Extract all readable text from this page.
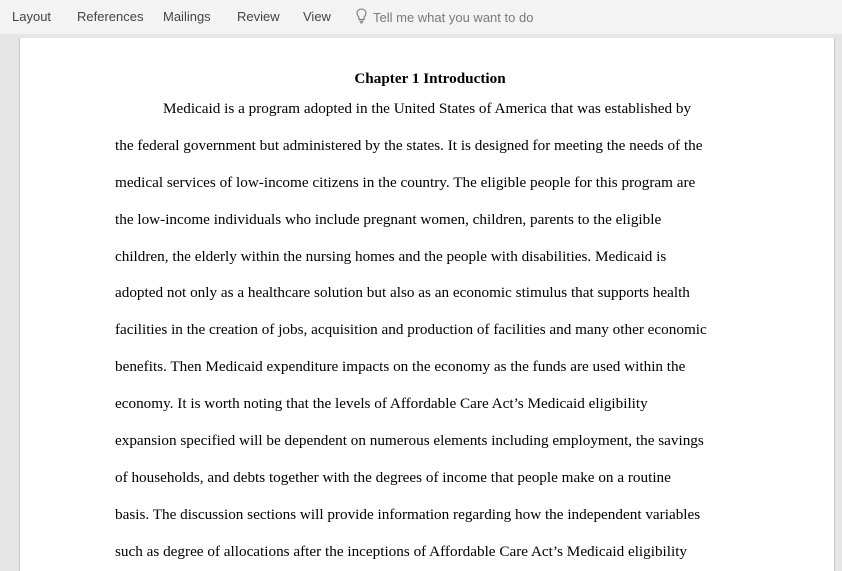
Layout References Mailings Review View	Tell me what you want to do
Chapter 1 Introduction
Medicaid is a program adopted in the United States of America that was established by
the federal government but administered by the states. It is designed for meeting the needs of the
medical services of low-income citizens in the country. The eligible people for this program are
the low-income individuals who include pregnant women, children, parents to the eligible
children, the elderly within the nursing homes and the people with disabilities. Medicaid is
adopted not only as a healthcare solution but also as an economic stimulus that supports health
facilities in the creation of jobs, acquisition and production of facilities and many other economic
benefits. Then Medicaid expenditure impacts on the economy as the funds are used within the
economy. It is worth noting that the levels of Affordable Care Act’s Medicaid eligibility
expansion specified will be dependent on numerous elements including employment, the savings
of households, and debts together with the degrees of income that people make on a routine
basis. The discussion sections will provide information regarding how the independent variables
such as degree of allocations after the inceptions of Affordable Care Act’s Medicaid eligibility
